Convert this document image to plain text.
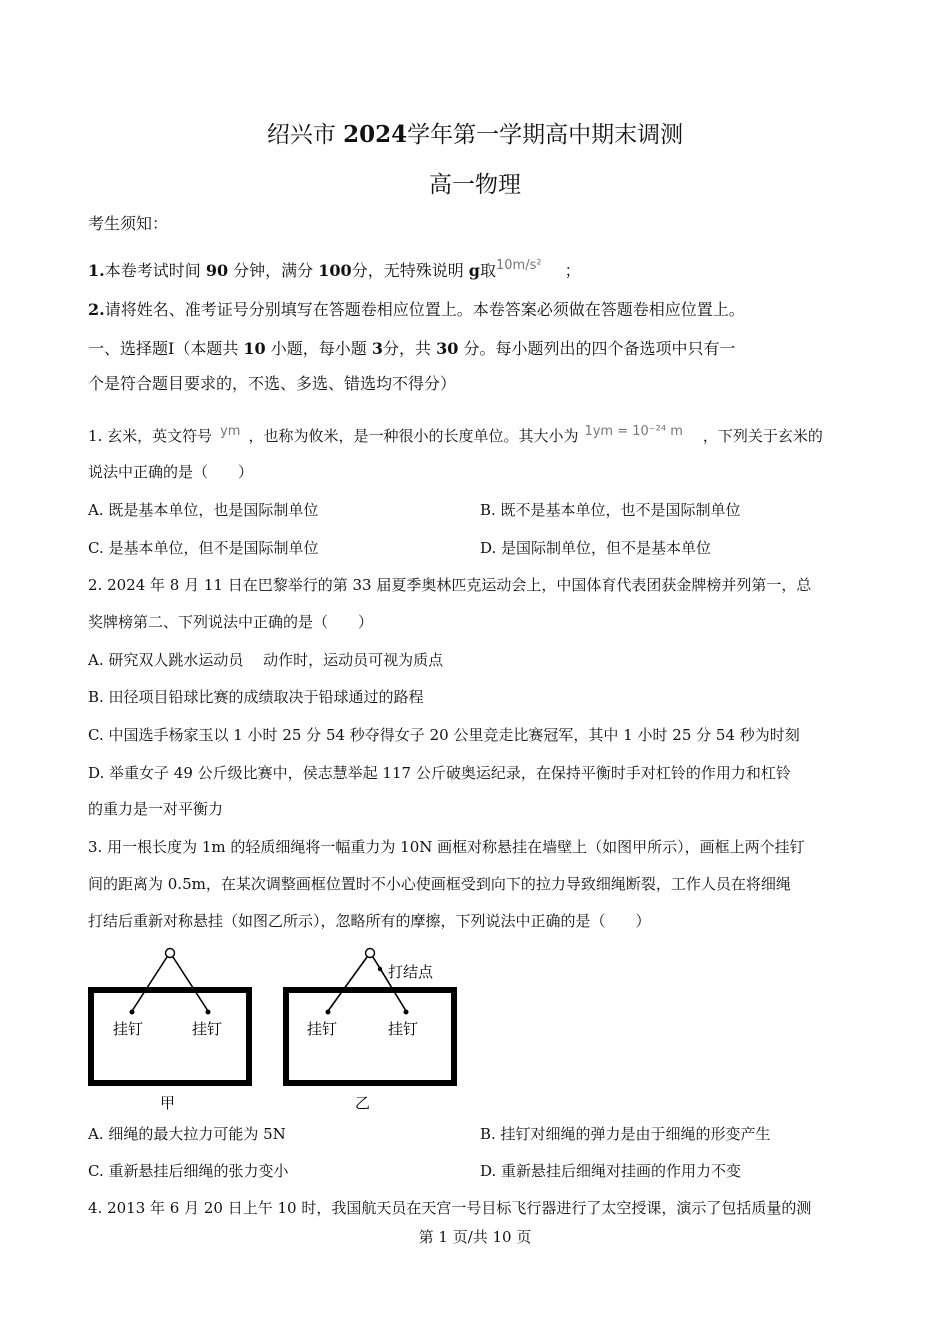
绍兴市 2024学年第一学期高中期末调测
高一物理
考生须知：
1.本卷考试时间 90 分钟，满分 100分，无特殊说明 g取$^{10m/s^2}$ ；
2.请将姓名、准考证号分别填写在答题卷相应位置上。本卷答案必须做在答题卷相应位置上。
一、选择题Ⅰ（本题共 10 小题，每小题 3分，共 30 分。每小题列出的四个备选项中只有一
个是符合题目要求的，不选、多选、错选均不得分）
1. 玄米，英文符号 ym ，也称为攸米，是一种很小的长度单位。其大小为 1ym = 10⁻²⁴ m ，下列关于玄米的
说法中正确的是（　　）
A. 既是基本单位，也是国际制单位	B. 既不是基本单位，也不是国际制单位
C. 是基本单位，但不是国际制单位	D. 是国际制单位，但不是基本单位
2. 2024 年 8 月 11 日在巴黎举行的第 33 届夏季奥林匹克运动会上，中国体育代表团获金牌榜并列第一，总
奖牌榜第二、下列说法中正确的是（　　）
A. 研究双人跳水运动员　 动作时，运动员可视为质点
B. 田径项目铅球比赛的成绩取决于铅球通过的路程
C. 中国选手杨家玉以 1 小时 25 分 54 秒夺得女子 20 公里竞走比赛冠军，其中 1 小时 25 分 54 秒为时刻
D. 举重女子 49 公斤级比赛中，侯志慧举起 117 公斤破奥运纪录，在保持平衡时手对杠铃的作用力和杠铃
的重力是一对平衡力
3. 用一根长度为 1m 的轻质细绳将一幅重力为 10N 画框对称悬挂在墙壁上（如图甲所示），画框上两个挂钉
间的距离为 0.5m，在某次调整画框位置时不小心使画框受到向下的拉力导致细绳断裂，工作人员在将细绳
打结后重新对称悬挂（如图乙所示），忽略所有的摩擦，下列说法中正确的是（　　）
挂钉	挂钉
甲
打结点
挂钉	挂钉
乙
A. 细绳的最大拉力可能为 5N	B. 挂钉对细绳的弹力是由于细绳的形变产生
C. 重新悬挂后细绳的张力变小	D. 重新悬挂后细绳对挂画的作用力不变
4. 2013 年 6 月 20 日上午 10 时，我国航天员在天宫一号目标飞行器进行了太空授课，演示了包括质量的测
第 1 页/共 10 页
